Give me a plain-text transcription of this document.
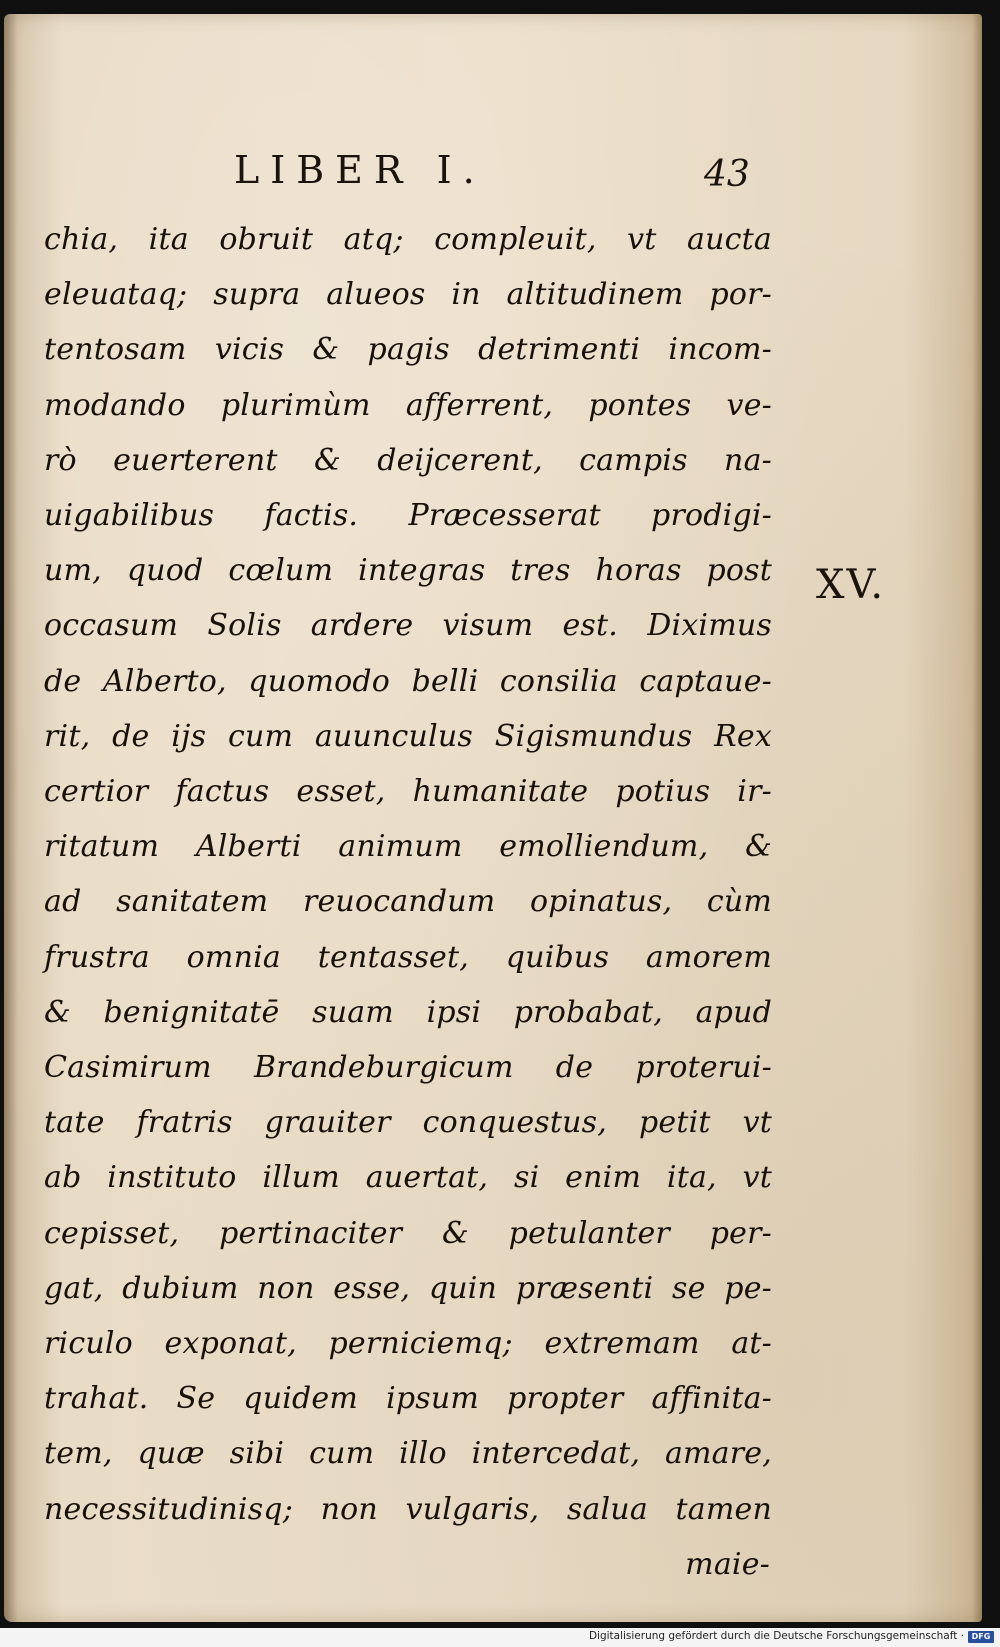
LIBER I.	43
chia, ita obruit atq; compleuit, vt aucta
eleuataq; supra alueos in altitudinem por-
tentosam vicis & pagis detrimenti incom-
modando plurimùm afferrent, pontes ve-
rò euerterent & deijcerent, campis na-
uigabilibus factis. Præcesserat prodigi-
um, quod cœlum integras tres horas post
occasum Solis ardere visum est. Diximus
de Alberto, quomodo belli consilia captaue-
rit, de ijs cum auunculus Sigismundus Rex
certior factus esset, humanitate potius ir-
ritatum Alberti animum emolliendum, &
ad sanitatem reuocandum opinatus, cùm
frustra omnia tentasset, quibus amorem
& benignitatē suam ipsi probabat, apud
Casimirum Brandeburgicum de proterui-
tate fratris grauiter conquestus, petit vt
ab instituto illum auertat, si enim ita, vt
cepisset, pertinaciter & petulanter per-
gat, dubium non esse, quin præsenti se pe-
riculo exponat, perniciemq; extremam at-
trahat. Se quidem ipsum propter affinita-
tem, quæ sibi cum illo intercedat, amare,
necessitudinisq; non vulgaris, salua tamen
maie-
XV.
Digitalisierung gefördert durch die Deutsche Forschungsgemeinschaft · DFG
